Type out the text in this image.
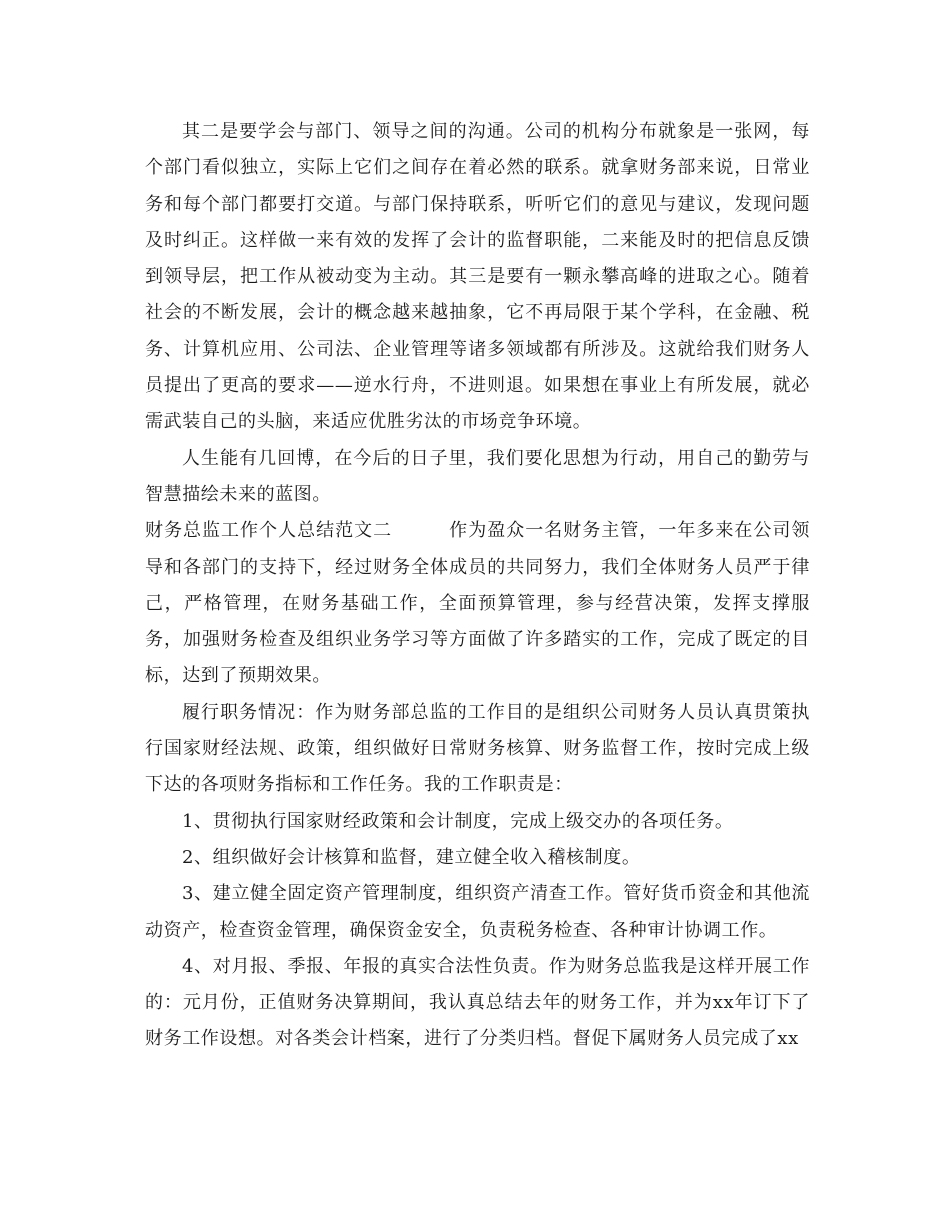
其二是要学会与部门、领导之间的沟通。公司的机构分布就象是一张网，每个部门看似独立，实际上它们之间存在着必然的联系。就拿财务部来说，日常业务和每个部门都要打交道。与部门保持联系，听听它们的意见与建议，发现问题及时纠正。这样做一来有效的发挥了会计的监督职能，二来能及时的把信息反馈到领导层，把工作从被动变为主动。其三是要有一颗永攀高峰的进取之心。随着社会的不断发展，会计的概念越来越抽象，它不再局限于某个学科，在金融、税务、计算机应用、公司法、企业管理等诸多领域都有所涉及。这就给我们财务人员提出了更高的要求——逆水行舟，不进则退。如果想在事业上有所发展，就必需武装自己的头脑，来适应优胜劣汰的市场竞争环境。

人生能有几回博，在今后的日子里，我们要化思想为行动，用自己的勤劳与智慧描绘未来的蓝图。

财务总监工作个人总结范文二　　　作为盈众一名财务主管，一年多来在公司领导和各部门的支持下，经过财务全体成员的共同努力，我们全体财务人员严于律己，严格管理，在财务基础工作，全面预算管理，参与经营决策，发挥支撑服务，加强财务检查及组织业务学习等方面做了许多踏实的工作，完成了既定的目标，达到了预期效果。

履行职务情况：作为财务部总监的工作目的是组织公司财务人员认真贯策执行国家财经法规、政策，组织做好日常财务核算、财务监督工作，按时完成上级下达的各项财务指标和工作任务。我的工作职责是：

1、贯彻执行国家财经政策和会计制度，完成上级交办的各项任务。

2、组织做好会计核算和监督，建立健全收入稽核制度。

3、建立健全固定资产管理制度，组织资产清查工作。管好货币资金和其他流动资产，检查资金管理，确保资金安全，负责税务检查、各种审计协调工作。

4、对月报、季报、年报的真实合法性负责。作为财务总监我是这样开展工作的：元月份，正值财务决算期间，我认真总结去年的财务工作，并为xx年订下了财务工作设想。对各类会计档案，进行了分类归档。督促下属财务人员完成了xx
